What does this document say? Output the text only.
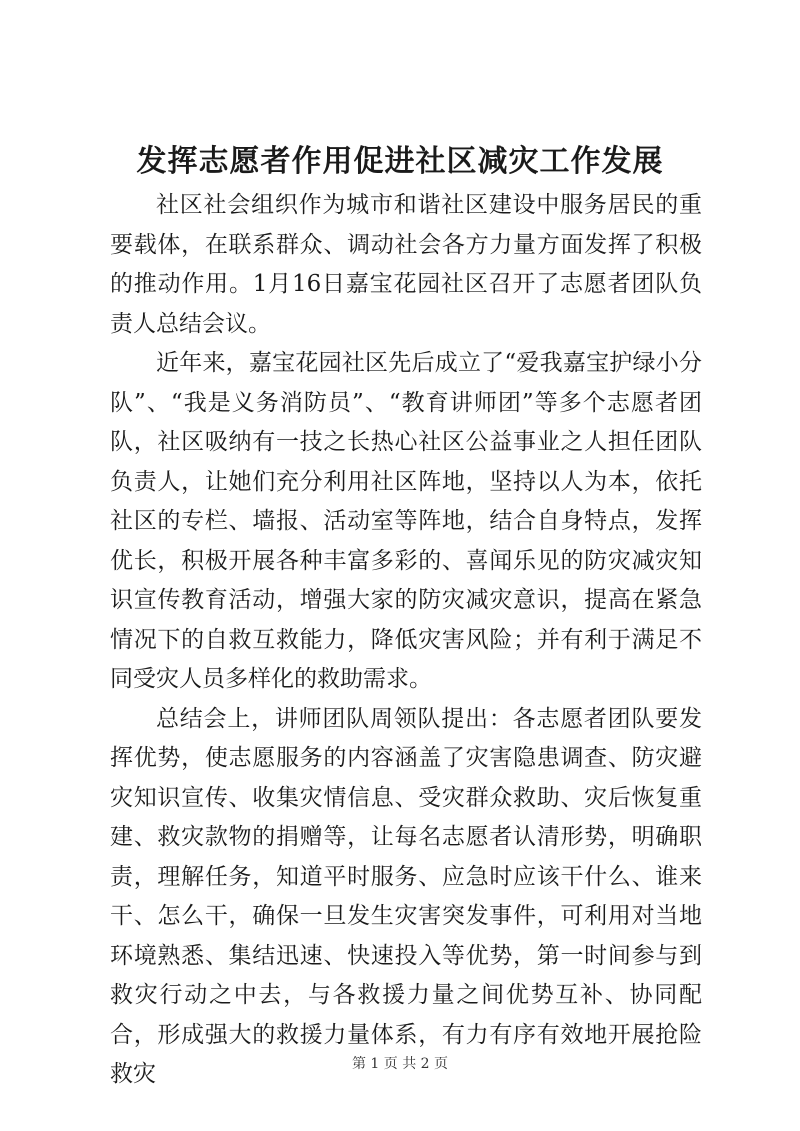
发挥志愿者作用促进社区减灾工作发展

社区社会组织作为城市和谐社区建设中服务居民的重要载体，在联系群众、调动社会各方力量方面发挥了积极的推动作用。1月16日嘉宝花园社区召开了志愿者团队负责人总结会议。

近年来，嘉宝花园社区先后成立了“爱我嘉宝护绿小分队”、“我是义务消防员”、“教育讲师团”等多个志愿者团队，社区吸纳有一技之长热心社区公益事业之人担任团队负责人，让她们充分利用社区阵地，坚持以人为本，依托社区的专栏、墙报、活动室等阵地，结合自身特点，发挥优长，积极开展各种丰富多彩的、喜闻乐见的防灾减灾知识宣传教育活动，增强大家的防灾减灾意识，提高在紧急情况下的自救互救能力，降低灾害风险；并有利于满足不同受灾人员多样化的救助需求。

总结会上，讲师团队周领队提出：各志愿者团队要发挥优势，使志愿服务的内容涵盖了灾害隐患调查、防灾避灾知识宣传、收集灾情信息、受灾群众救助、灾后恢复重建、救灾款物的捐赠等，让每名志愿者认清形势，明确职责，理解任务，知道平时服务、应急时应该干什么、谁来干、怎么干，确保一旦发生灾害突发事件，可利用对当地环境熟悉、集结迅速、快速投入等优势，第一时间参与到救灾行动之中去，与各救援力量之间优势互补、协同配合，形成强大的救援力量体系，有力有序有效地开展抢险救灾	第 1 页 共 2 页
